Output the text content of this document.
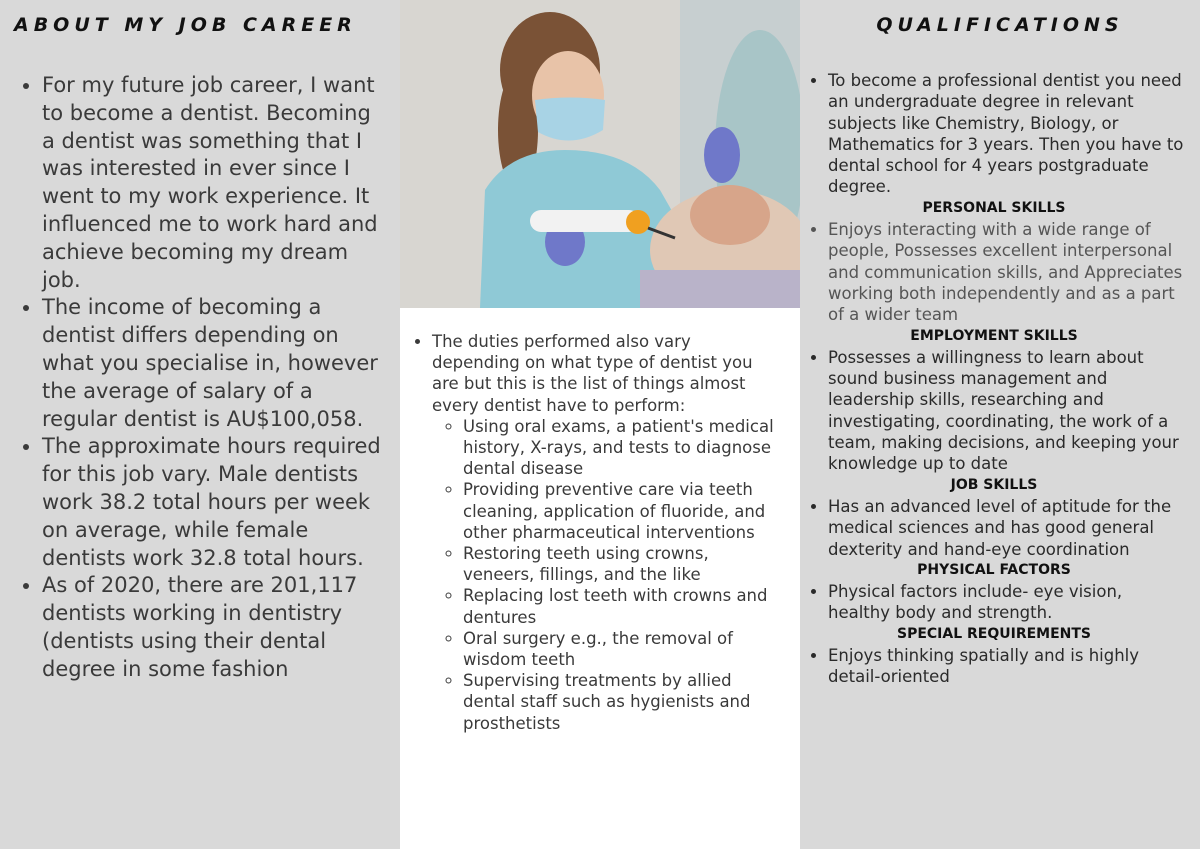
ABOUT MY JOB CAREER
• For my future job career, I want to become a dentist. Becoming a dentist was something that I was interested in ever since I went to my work experience. It influenced me to work hard and achieve becoming my dream job.
• The income of becoming a dentist differs depending on what you specialise in, however the average of salary of a regular dentist is AU$100,058.
• The approximate hours required for this job vary. Male dentists work 38.2 total hours per week on average, while female dentists work 32.8 total hours.
• As of 2020, there are 201,117 dentists working in dentistry (dentists using their dental degree in some fashion
• The duties performed also vary depending on what type of dentist you are but this is the list of things almost every dentist have to perform:
◦ Using oral exams, a patient's medical history, X-rays, and tests to diagnose dental disease
◦ Providing preventive care via teeth cleaning, application of fluoride, and other pharmaceutical interventions
◦ Restoring teeth using crowns, veneers, fillings, and the like
◦ Replacing lost teeth with crowns and dentures
◦ Oral surgery e.g., the removal of wisdom teeth
◦ Supervising treatments by allied dental staff such as hygienists and prosthetists
QUALIFICATIONS
• To become a professional dentist you need an undergraduate degree in relevant subjects like Chemistry, Biology, or Mathematics for 3 years. Then you have to dental school for 4 years postgraduate degree.
PERSONAL SKILLS
• Enjoys interacting with a wide range of people, Possesses excellent interpersonal and communication skills, and Appreciates working both independently and as a part of a wider team
EMPLOYMENT SKILLS
• Possesses a willingness to learn about sound business management and leadership skills, researching and investigating, coordinating, the work of a team, making decisions, and keeping your knowledge up to date
JOB SKILLS
• Has an advanced level of aptitude for the medical sciences and has good general dexterity and hand-eye coordination
PHYSICAL FACTORS
• Physical factors include- eye vision, healthy body and strength.
SPECIAL REQUIREMENTS
• Enjoys thinking spatially and is highly detail-oriented
